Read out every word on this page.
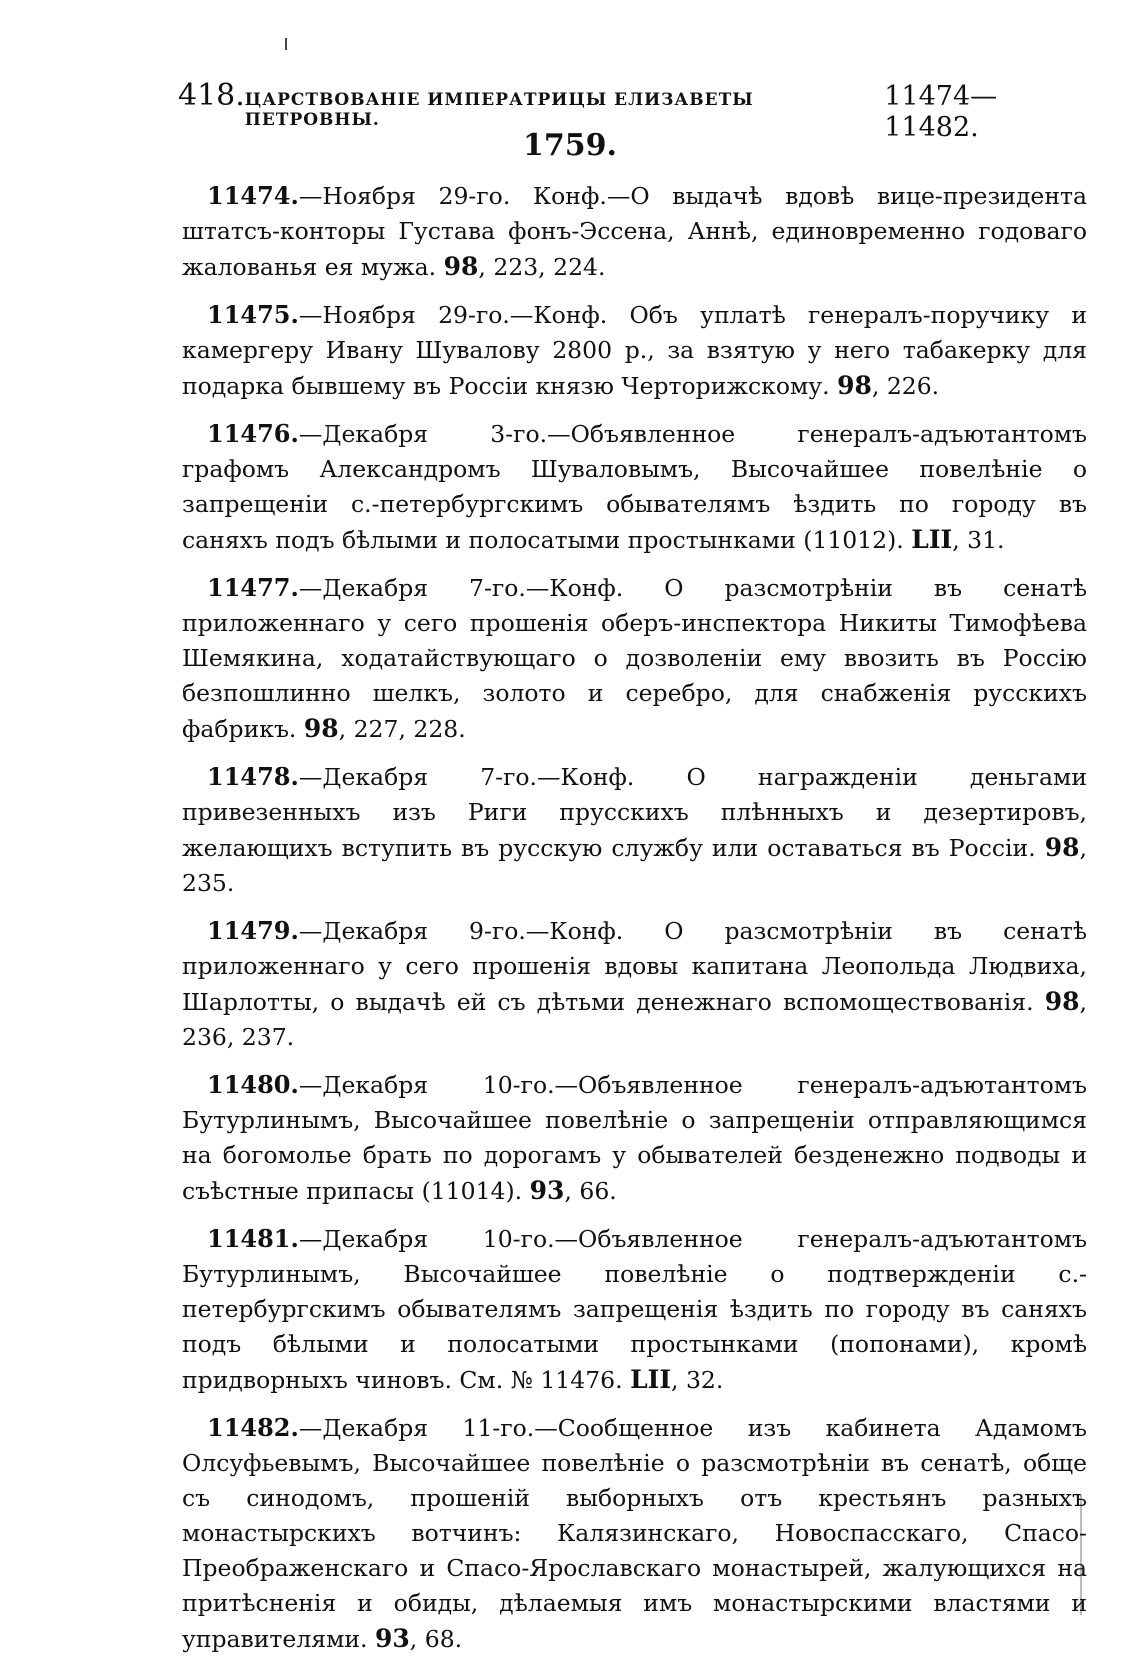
418. ЦАРСТВОВАНІЕ ИМПЕРАТРИЦЫ ЕЛИЗАВЕТЫ ПЕТРОВНЫ.
11474—11482.
1759.

11474.—Ноября 29-го. Конф.—О выдачѣ вдовѣ вице-президента штатсъ-конторы Густава фонъ-Эссена, Аннѣ, единовременно годоваго жалованья ея мужа. 98, 223, 224.

11475.—Ноября 29-го.—Конф. Объ уплатѣ генералъ-поручику и камергеру Ивану Шувалову 2800 р., за взятую у него табакерку для подарка бывшему въ Россіи князю Черторижскому. 98, 226.

11476.—Декабря 3-го.—Объявленное генералъ-адъютантомъ графомъ Александромъ Шуваловымъ, Высочайшее повелѣніе о запрещеніи с.-петербургскимъ обывателямъ ѣздить по городу въ саняхъ подъ бѣлыми и полосатыми простынками (11012). LII, 31.

11477.—Декабря 7-го.—Конф. О разсмотрѣніи въ сенатѣ приложеннаго у сего прошенія оберъ-инспектора Никиты Тимофѣева Шемякина, ходатайствующаго о дозволеніи ему ввозить въ Россію безпошлинно шелкъ, золото и серебро, для снабженія русскихъ фабрикъ. 98, 227, 228.

11478.—Декабря 7-го.—Конф. О награжденіи деньгами привезенныхъ изъ Риги прусскихъ плѣнныхъ и дезертировъ, желающихъ вступить въ русскую службу или оставаться въ Россіи. 98, 235.

11479.—Декабря 9-го.—Конф. О разсмотрѣніи въ сенатѣ приложеннаго у сего прошенія вдовы капитана Леопольда Людвиха, Шарлотты, о выдачѣ ей съ дѣтьми денежнаго вспомоществованія. 98, 236, 237.

11480.—Декабря 10-го.—Объявленное генералъ-адъютантомъ Бутурлинымъ, Высочайшее повелѣніе о запрещеніи отправляющимся на богомолье брать по дорогамъ у обывателей безденежно подводы и съѣстные припасы (11014). 93, 66.

11481.—Декабря 10-го.—Объявленное генералъ-адъютантомъ Бутурлинымъ, Высочайшее повелѣніе о подтвержденіи с.-петербургскимъ обывателямъ запрещенія ѣздить по городу въ саняхъ подъ бѣлыми и полосатыми простынками (попонами), кромѣ придворныхъ чиновъ. См. № 11476. LII, 32.

11482.—Декабря 11-го.—Сообщенное изъ кабинета Адамомъ Олсуфьевымъ, Высочайшее повелѣніе о разсмотрѣніи въ сенатѣ, обще съ синодомъ, прошеній выборныхъ отъ крестьянъ разныхъ монастырскихъ вотчинъ: Калязинскаго, Новоспасскаго, Спасо-Преображенскаго и Спасо-Ярославскаго монастырей, жалующихся на притѣсненія и обиды, дѣлаемыя имъ монастырскими властями и управителями. 93, 68.
